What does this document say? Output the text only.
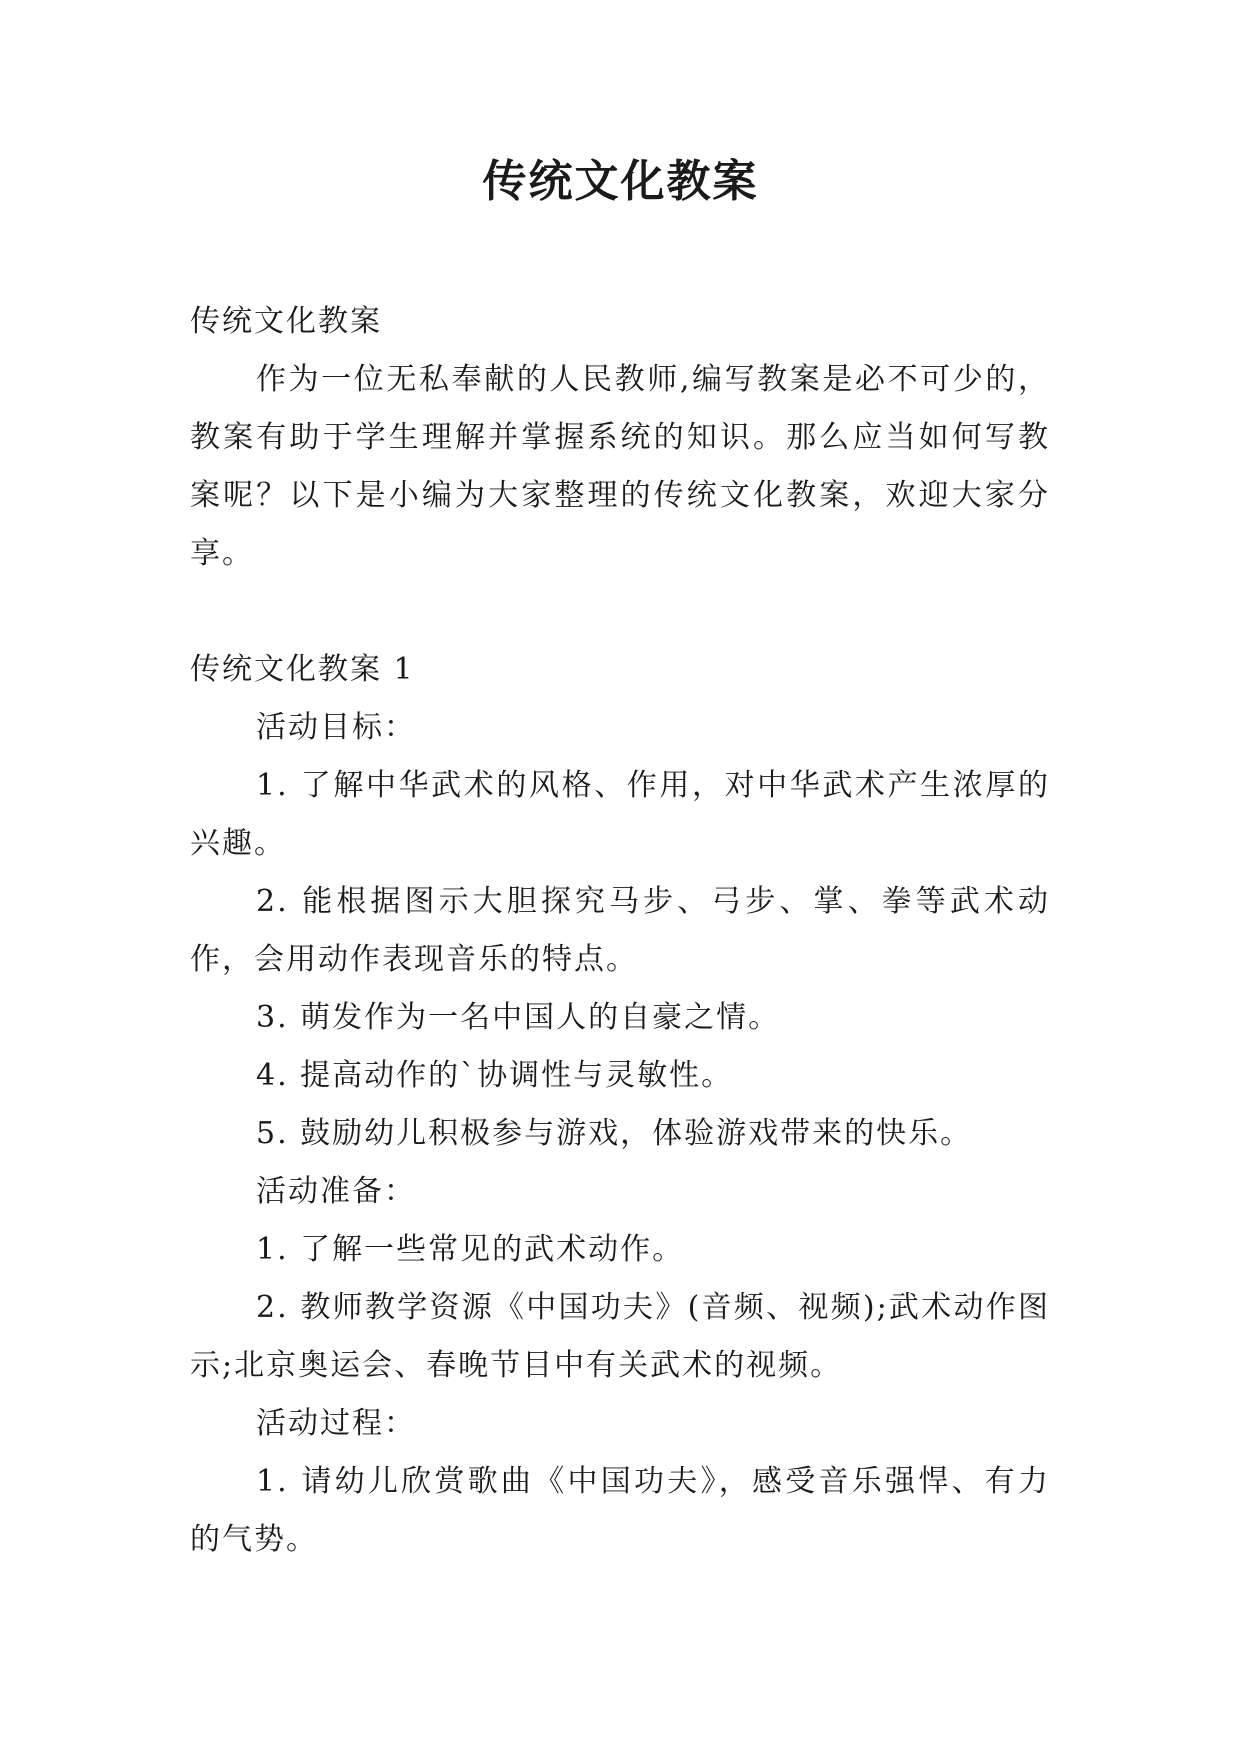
传统文化教案

传统文化教案

作为一位无私奉献的人民教师,编写教案是必不可少的，教案有助于学生理解并掌握系统的知识。那么应当如何写教案呢？以下是小编为大家整理的传统文化教案，欢迎大家分享。

传统文化教案 1

活动目标：

1. 了解中华武术的风格、作用，对中华武术产生浓厚的兴趣。

2. 能根据图示大胆探究马步、弓步、掌、拳等武术动作，会用动作表现音乐的特点。

3. 萌发作为一名中国人的自豪之情。

4. 提高动作的`协调性与灵敏性。

5. 鼓励幼儿积极参与游戏，体验游戏带来的快乐。

活动准备：

1. 了解一些常见的武术动作。

2. 教师教学资源《中国功夫》(音频、视频);武术动作图示;北京奥运会、春晚节目中有关武术的视频。

活动过程：

1. 请幼儿欣赏歌曲《中国功夫》，感受音乐强悍、有力的气势。
